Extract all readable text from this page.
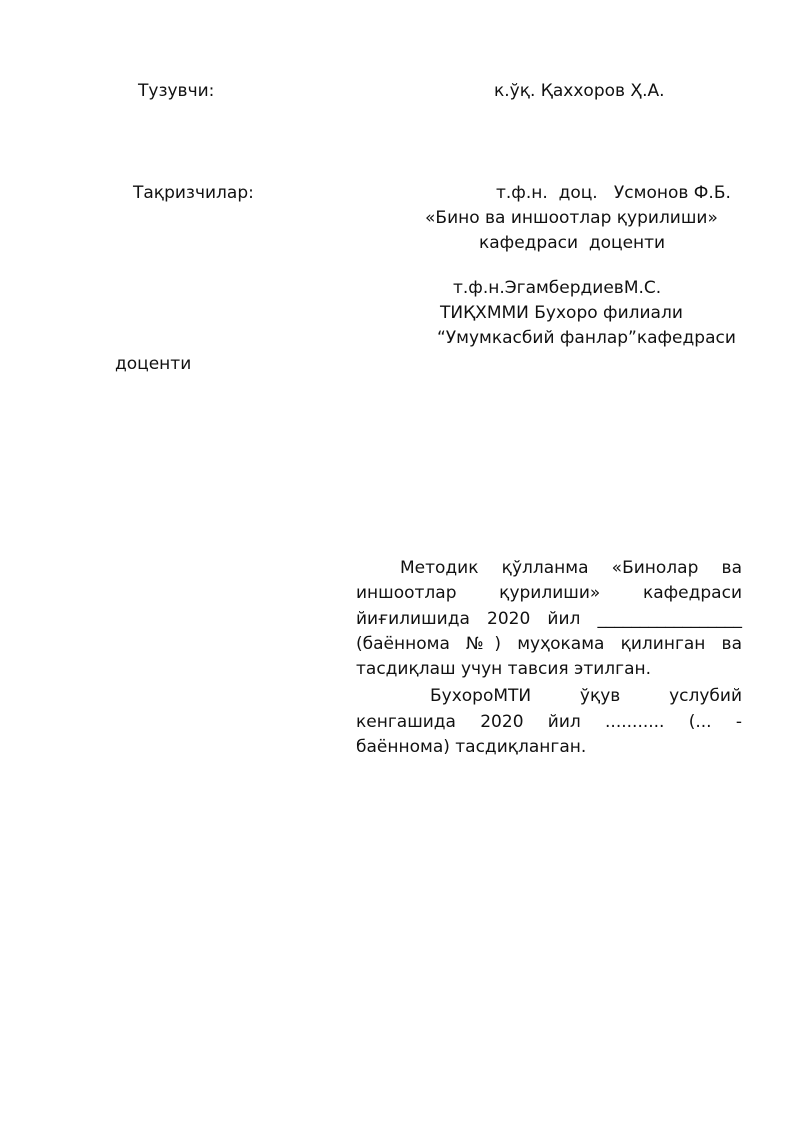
Тузувчи:	к.ўқ. Қаххоров Ҳ.А.
Тақризчилар:	т.ф.н.  доц.   Усмонов Ф.Б.
«Бино ва иншоотлар қурилиши»
кафедраси  доценти
т.ф.н.ЭгамбердиевМ.С.
ТИҚХММИ Бухоро филиали
“Умумкасбий фанлар”кафедраси
доценти
Методик қўлланма «Бинолар ва
иншоотлар қурилиши» кафедраси
йиғилишида 2020 йил _________________
(баённома №) муҳокама қилинган ва
тасдиқлаш учун тавсия этилган.
БухороМТИ ўқув услубий
кенгашида 2020 йил ........... (... -
баённома) тасдиқланган.
